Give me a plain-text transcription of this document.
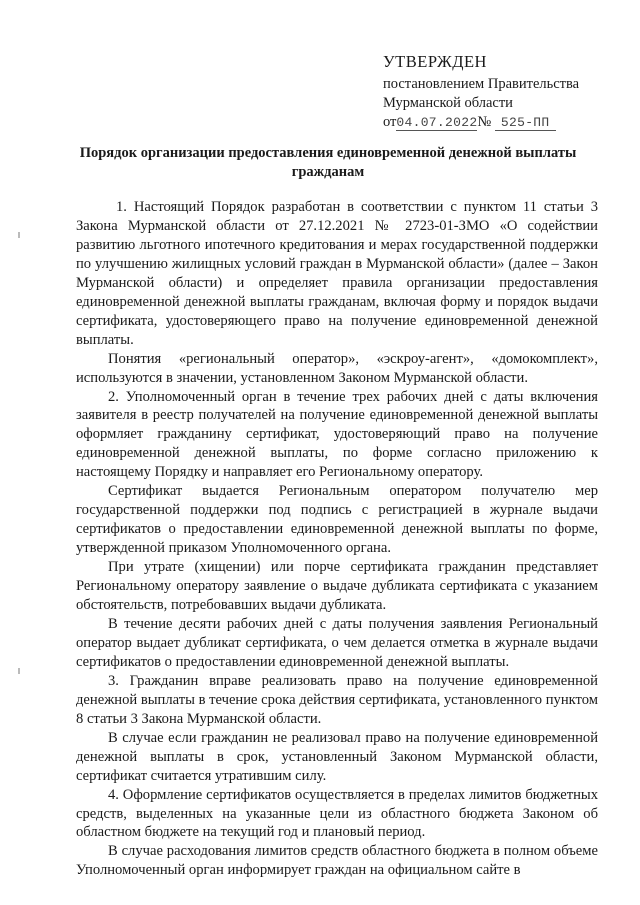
УТВЕРЖДЕН
постановлением Правительства
Мурманской области
от04.07.2022№ 525-ПП
Порядок организации предоставления единовременной денежной выплаты гражданам

1. Настоящий Порядок разработан в соответствии с пунктом 11 статьи 3 Закона Мурманской области от 27.12.2021 № 2723-01-ЗМО «О содействии развитию льготного ипотечного кредитования и мерах государственной поддержки по улучшению жилищных условий граждан в Мурманской области» (далее – Закон Мурманской области) и определяет правила организации предоставления единовременной денежной выплаты гражданам, включая форму и порядок выдачи сертификата, удостоверяющего право на получение единовременной денежной выплаты.

Понятия «региональный оператор», «эскроу-агент», «домокомплект», используются в значении, установленном Законом Мурманской области.

2. Уполномоченный орган в течение трех рабочих дней с даты включения заявителя в реестр получателей на получение единовременной денежной выплаты оформляет гражданину сертификат, удостоверяющий право на получение единовременной денежной выплаты, по форме согласно приложению к настоящему Порядку и направляет его Региональному оператору.

Сертификат выдается Региональным оператором получателю мер государственной поддержки под подпись с регистрацией в журнале выдачи сертификатов о предоставлении единовременной денежной выплаты по форме, утвержденной приказом Уполномоченного органа.

При утрате (хищении) или порче сертификата гражданин представляет Региональному оператору заявление о выдаче дубликата сертификата с указанием обстоятельств, потребовавших выдачи дубликата.

В течение десяти рабочих дней с даты получения заявления Региональный оператор выдает дубликат сертификата, о чем делается отметка в журнале выдачи сертификатов о предоставлении единовременной денежной выплаты.

3. Гражданин вправе реализовать право на получение единовременной денежной выплаты в течение срока действия сертификата, установленного пунктом 8 статьи 3 Закона Мурманской области.

В случае если гражданин не реализовал право на получение единовременной денежной выплаты в срок, установленный Законом Мурманской области, сертификат считается утратившим силу.

4. Оформление сертификатов осуществляется в пределах лимитов бюджетных средств, выделенных на указанные цели из областного бюджета Законом об областном бюджете на текущий год и плановый период.

В случае расходования лимитов средств областного бюджета в полном объеме Уполномоченный орган информирует граждан на официальном сайте в
